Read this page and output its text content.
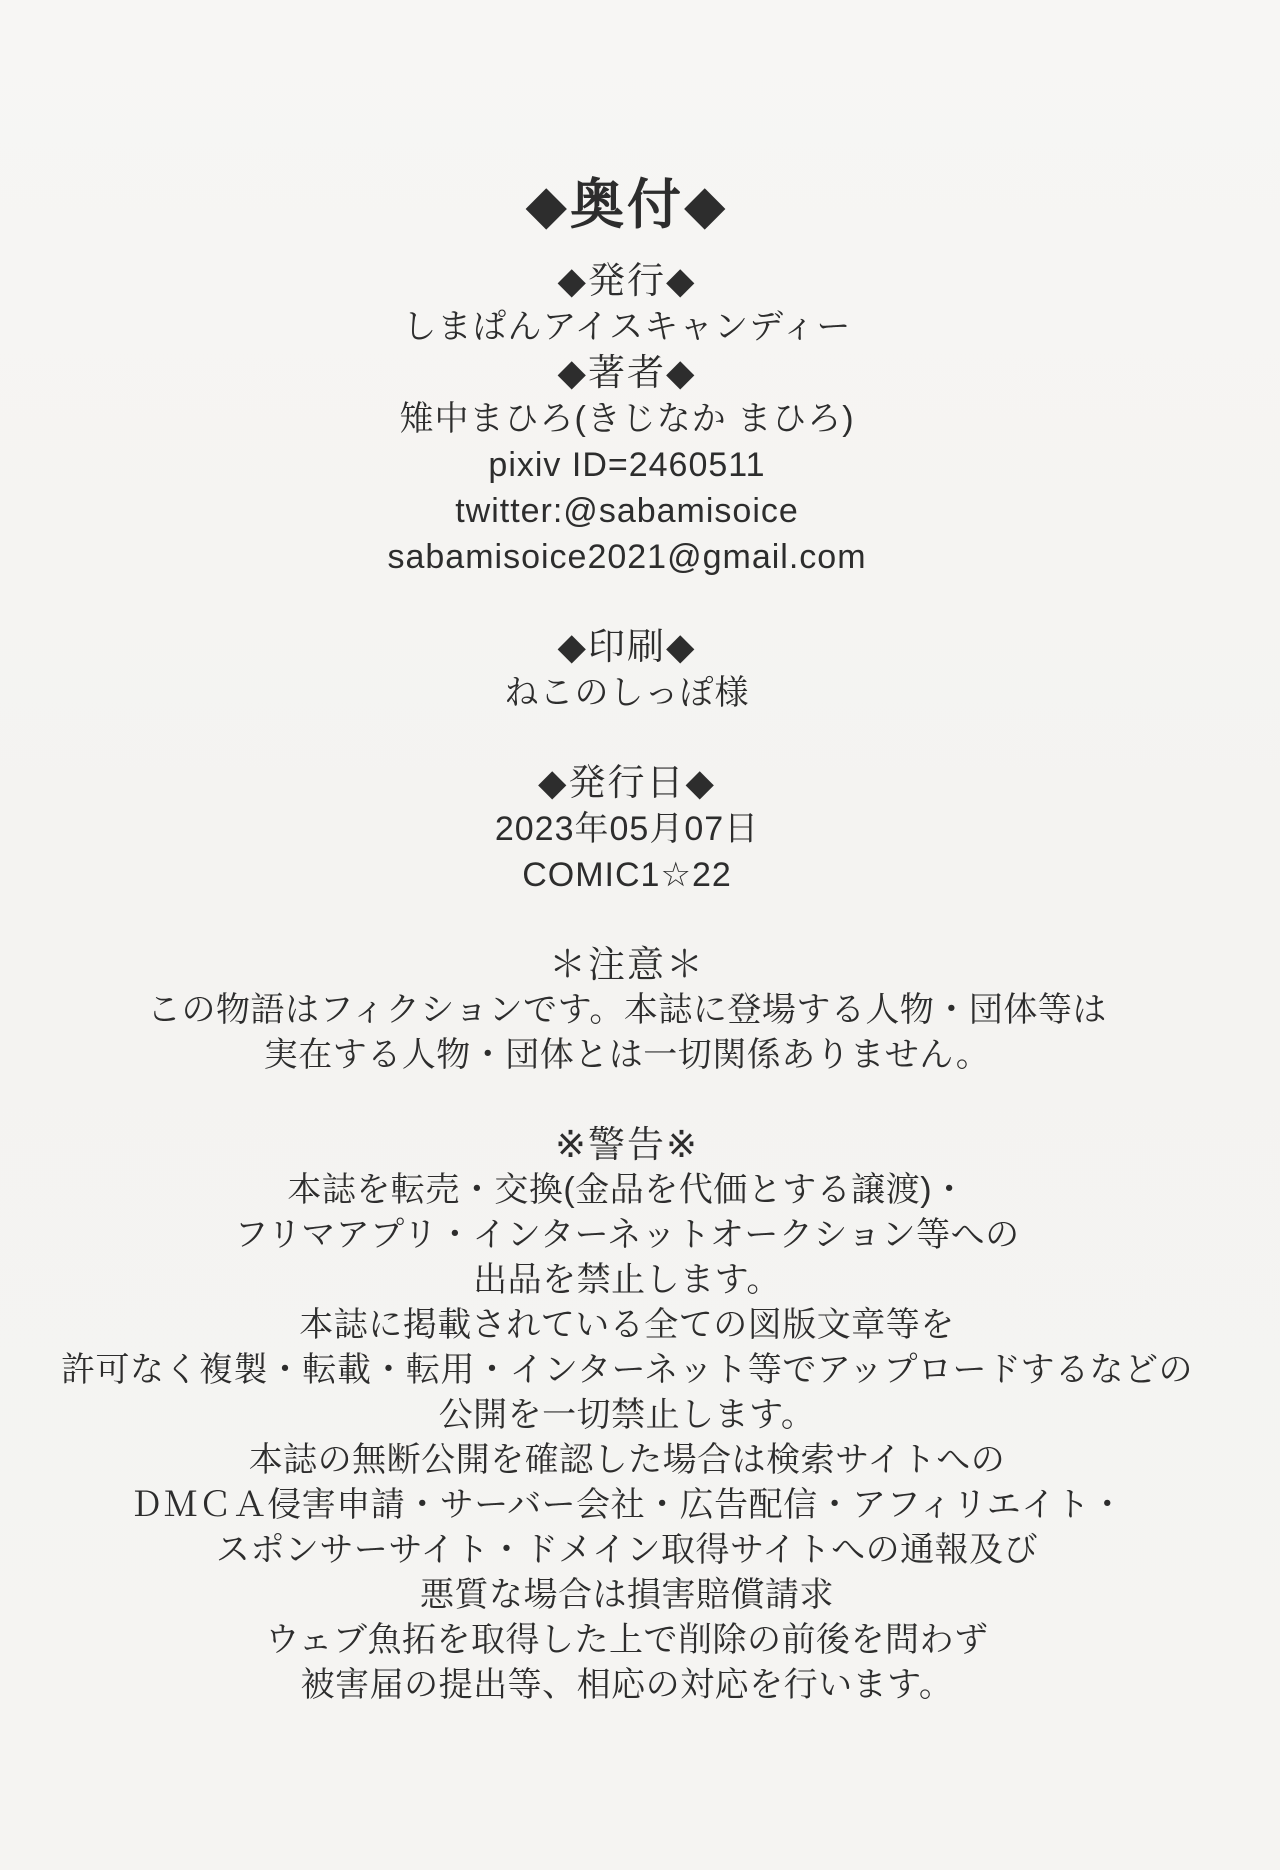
◆奥付◆
◆発行◆
しまぱんアイスキャンディー
◆著者◆
雉中まひろ(きじなか まひろ)
pixiv ID=2460511
twitter:@sabamisoice
sabamisoice2021@gmail.com
◆印刷◆
ねこのしっぽ様
◆発行日◆
2023年05月07日
COMIC1☆22
＊注意＊
この物語はフィクションです。本誌に登場する人物・団体等は
実在する人物・団体とは一切関係ありません。
※警告※
本誌を転売・交換(金品を代価とする譲渡)・
フリマアプリ・インターネットオークション等への
出品を禁止します。
本誌に掲載されている全ての図版文章等を
許可なく複製・転載・転用・インターネット等でアップロードするなどの
公開を一切禁止します。
本誌の無断公開を確認した場合は検索サイトへの
ＤＭＣＡ侵害申請・サーバー会社・広告配信・アフィリエイト・
スポンサーサイト・ドメイン取得サイトへの通報及び
悪質な場合は損害賠償請求
ウェブ魚拓を取得した上で削除の前後を問わず
被害届の提出等、相応の対応を行います。
